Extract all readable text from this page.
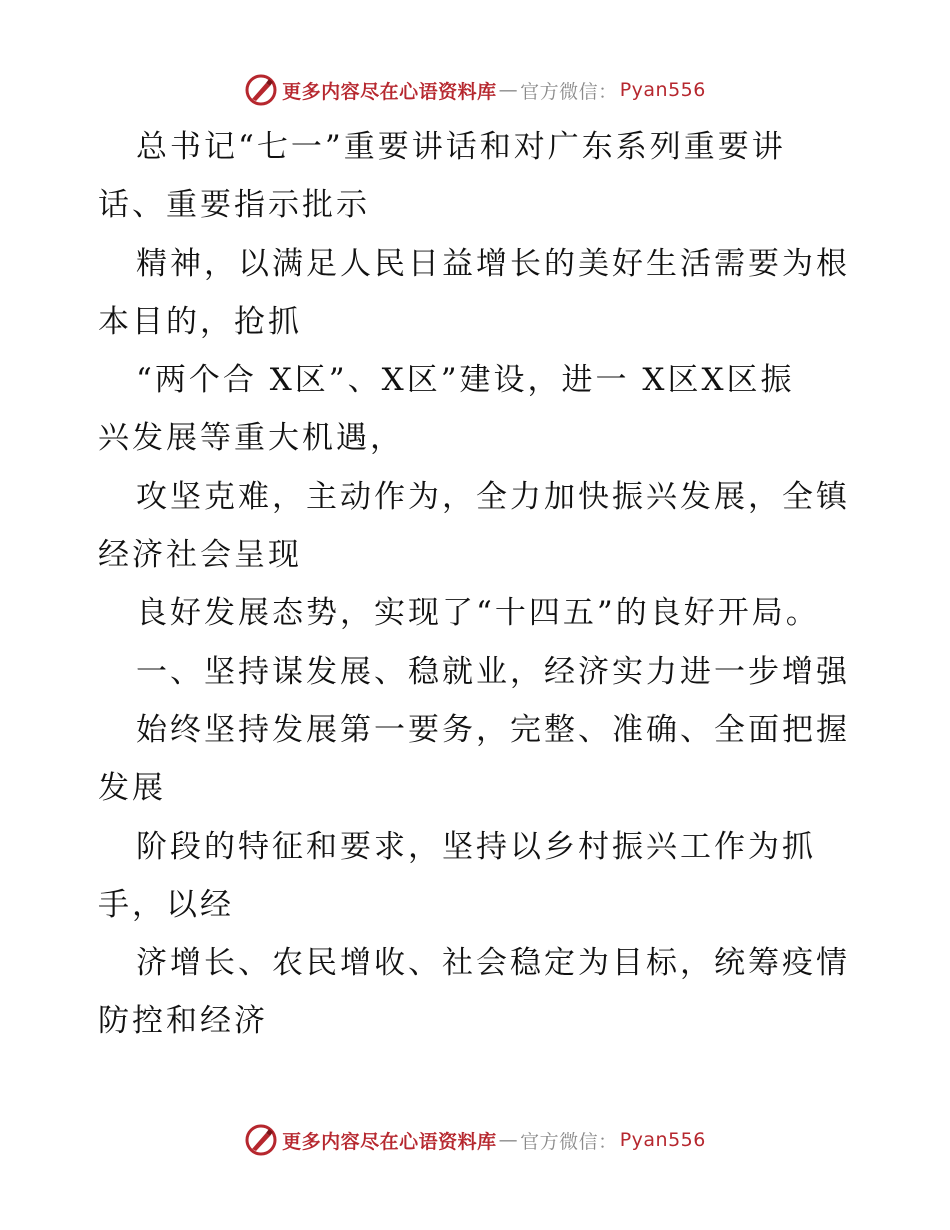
更多内容尽在心语资料库 — 官方微信： Pyan556
总书记“七一”重要讲话和对广东系列重要讲
话、重要指示批示
精神，以满足人民日益增长的美好生活需要为根
本目的，抢抓
“两个合 X区”、X区”建设，进一 X区X区振
兴发展等重大机遇，
攻坚克难，主动作为，全力加快振兴发展，全镇
经济社会呈现
良好发展态势，实现了“十四五”的良好开局。
一、坚持谋发展、稳就业，经济实力进一步增强
始终坚持发展第一要务，完整、准确、全面把握
发展
阶段的特征和要求，坚持以乡村振兴工作为抓
手，以经
济增长、农民增收、社会稳定为目标，统筹疫情
防控和经济
更多内容尽在心语资料库 — 官方微信： Pyan556
